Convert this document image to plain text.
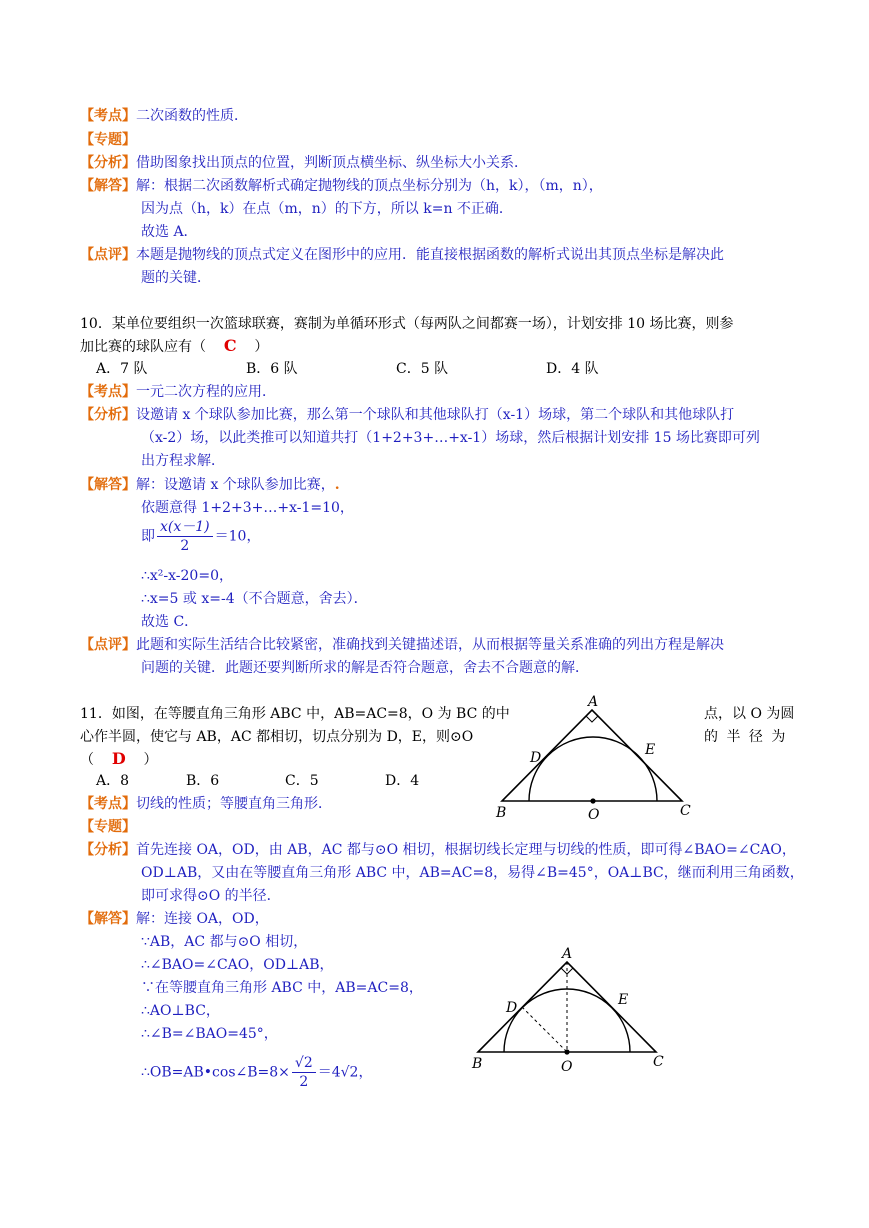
【考点】二次函数的性质．
【专题】
【分析】借助图象找出顶点的位置，判断顶点横坐标、纵坐标大小关系．
【解答】解：根据二次函数解析式确定抛物线的顶点坐标分别为（h，k），（m，n），
因为点（h，k）在点（m，n）的下方，所以 k=n 不正确．
故选 A．
【点评】本题是抛物线的顶点式定义在图形中的应用．能直接根据函数的解析式说出其顶点坐标是解决此
题的关键．
10．某单位要组织一次篮球联赛，赛制为单循环形式（每两队之间都赛一场），计划安排 10 场比赛，则参
加比赛的球队应有（ C ）
A．7 队	B．6 队	C．5 队	D．4 队
【考点】一元二次方程的应用．
【分析】设邀请 x 个球队参加比赛，那么第一个球队和其他球队打（x-1）场球，第二个球队和其他球队打
（x-2）场，以此类推可以知道共打（1+2+3+…+x-1）场球，然后根据计划安排 15 场比赛即可列
出方程求解．
【解答】解：设邀请 x 个球队参加比赛，.
依题意得 1+2+3+…+x-1=10，
即 $\frac{x(x-1)}{2} =10$，
∴x²-x-20=0，
∴x=5 或 x=-4（不合题意，舍去）．
故选 C．
【点评】此题和实际生活结合比较紧密，准确找到关键描述语，从而根据等量关系准确的列出方程是解决
问题的关键．此题还要判断所求的解是否符合题意，舍去不合题意的解．
11．如图，在等腰直角三角形 ABC 中，AB=AC=8，O 为 BC 的中	点，以 O 为圆
心作半圆，使它与 AB，AC 都相切，切点分别为 D，E，则⊙O	的 半 径 为
（ D ）
A．8	B．6	C．5	D．4
【考点】切线的性质；等腰直角三角形．
【专题】
【分析】首先连接 OA，OD，由 AB，AC 都与⊙O 相切，根据切线长定理与切线的性质，即可得∠BAO=∠CAO，
OD⊥AB，又由在等腰直角三角形 ABC 中，AB=AC=8，易得∠B=45°，OA⊥BC，继而利用三角函数，
即可求得⊙O 的半径．
【解答】解：连接 OA，OD，
∵AB，AC 都与⊙O 相切，
∴∠BAO=∠CAO，OD⊥AB，
∵在等腰直角三角形 ABC 中，AB=AC=8，
∴AO⊥BC，
∴∠B=∠BAO=45°，
∴OB=AB•cos∠B=8× $\frac{√2}{2} =4√2$，
A
B	C
D	E
O
A
B	C
D	E
O
